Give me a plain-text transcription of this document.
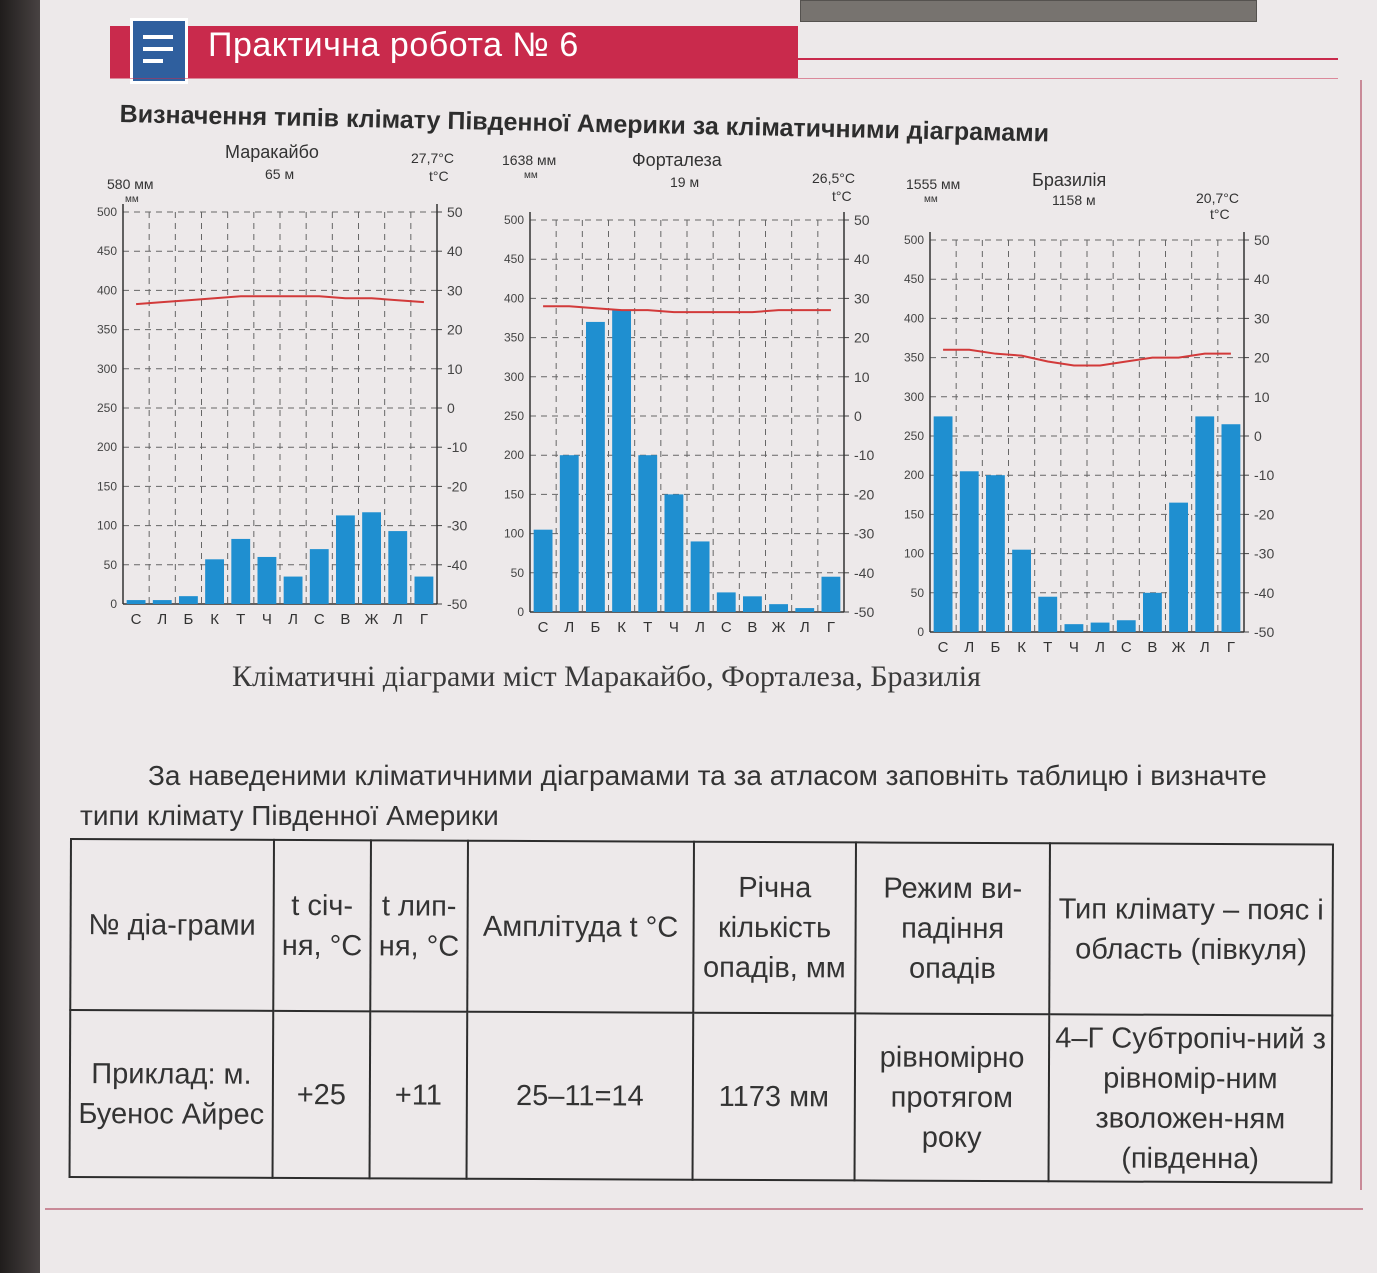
Практична робота № 6
Визначення типів клімату Південної Америки за кліматичними діаграмами
Маракайбо
65 м
580 мм
мм
27,7°С
t°С
0
50
100
150
200
250
300
350
400
450
500
-50
-40
-30
-20
-10
0
10
20
30
40
50
С Л Б К Т Ч Л С В Ж Л Г
Форталеза
19 м
1638 мм
мм	26,5°С
t°С
0
50
100
150
200
250
300
350
400
450
500
-50
-40
-30
-20
-10
0
10
20
30
40
50
С Л Б К Т Ч Л С В Ж Л Г
Бразилія
1158 м
1555 мм
мм	20,7°С
t°С
0
50
100
150
200
250
300
350
400
450
500
-50
-40
-30
-20
-10
0
10
20
30
40
50
С Л Б К Т Ч Л С В Ж Л Г
Кліматичні діаграми міст Маракайбо, Форталеза, Бразилія
За наведеними кліматичними діаграмами та за атласом заповніть таблицю і визначте типи клімату Південної Америки
№ діа-грами	t січ-ня, °С	t лип-ня, °С	Амплітуда t °С	Річна кількість опадів, мм	Режим ви-падіння опадів	Тип клімату – пояс і область (півкуля)
Приклад: м. Буенос Айрес	+25	+11	25–11=14	1173 мм	рівномірно протягом року	4–Г Субтропіч-ний з рівномір-ним зволожен-ням (південна)
